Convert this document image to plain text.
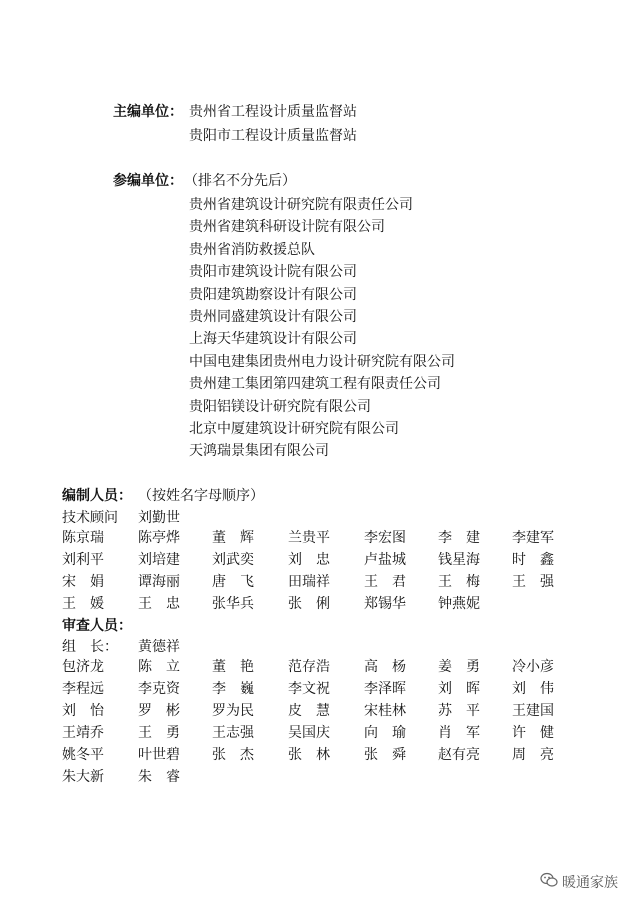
主编单位： 贵州省工程设计质量监督站
贵阳市工程设计质量监督站
参编单位： （排名不分先后）
贵州省建筑设计研究院有限责任公司
贵州省建筑科研设计院有限公司
贵州省消防救援总队
贵阳市建筑设计院有限公司
贵阳建筑勘察设计有限公司
贵州同盛建筑设计有限公司
上海天华建筑设计有限公司
中国电建集团贵州电力设计研究院有限公司
贵州建工集团第四建筑工程有限责任公司
贵阳铝镁设计研究院有限公司
北京中厦建筑设计研究院有限公司
天鸿瑞景集团有限公司
编制人员： （按姓名字母顺序）
技术顾问 刘勤世
陈京瑞 陈亭烨 董　辉 兰贵平 李宏图 李　建 李建军
刘利平 刘培建 刘武奕 刘　忠 卢盐城 钱星海 时　鑫
宋　娟 谭海丽 唐　飞 田瑞祥 王　君 王　梅 王　强
王　媛 王　忠 张华兵 张　俐 郑锡华 钟燕妮
审查人员：
组　长： 黄德祥
包济龙 陈　立 董　艳 范存浩 高　杨 姜　勇 冷小彦
李程远 李克资 李　巍 李文祝 李泽晖 刘　晖 刘　伟
刘　怡 罗　彬 罗为民 皮　慧 宋桂林 苏　平 王建国
王靖乔 王　勇 王志强 吴国庆 向　瑜 肖　军 许　健
姚冬平 叶世碧 张　杰 张　林 张　舜 赵有亮 周　亮
朱大新 朱　睿
暖通家族
